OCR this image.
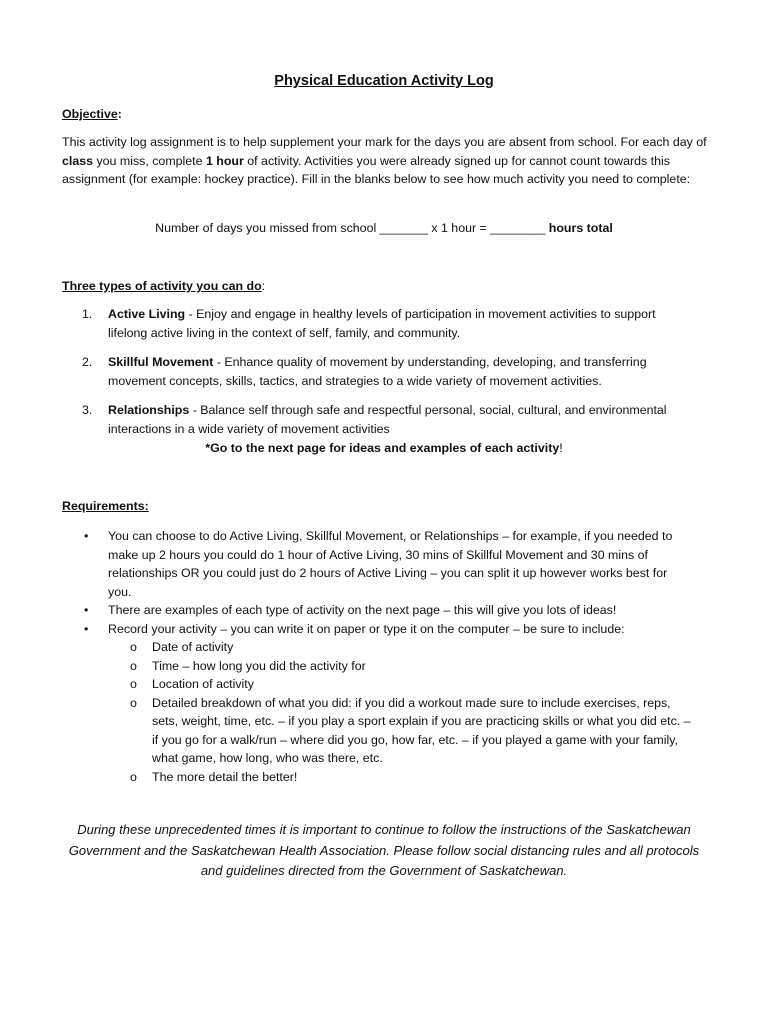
Physical Education Activity Log
Objective:

This activity log assignment is to help supplement your mark for the days you are absent from school. For each day of class you miss, complete 1 hour of activity. Activities you were already signed up for cannot count towards this assignment (for example: hockey practice). Fill in the blanks below to see how much activity you need to complete:

Number of days you missed from school _______ x 1 hour = ________ hours total
Three types of activity you can do:
1. Active Living - Enjoy and engage in healthy levels of participation in movement activities to support lifelong active living in the context of self, family, and community.
2. Skillful Movement - Enhance quality of movement by understanding, developing, and transferring movement concepts, skills, tactics, and strategies to a wide variety of movement activities.
3. Relationships - Balance self through safe and respectful personal, social, cultural, and environmental interactions in a wide variety of movement activities
*Go to the next page for ideas and examples of each activity!
Requirements:
• You can choose to do Active Living, Skillful Movement, or Relationships – for example, if you needed to make up 2 hours you could do 1 hour of Active Living, 30 mins of Skillful Movement and 30 mins of relationships OR you could just do 2 hours of Active Living – you can split it up however works best for you.
• There are examples of each type of activity on the next page – this will give you lots of ideas!
• Record your activity – you can write it on paper or type it on the computer – be sure to include:
o Date of activity
o Time – how long you did the activity for
o Location of activity
o Detailed breakdown of what you did: if you did a workout made sure to include exercises, reps, sets, weight, time, etc. – if you play a sport explain if you are practicing skills or what you did etc. – if you go for a walk/run – where did you go, how far, etc. – if you played a game with your family, what game, how long, who was there, etc.
o The more detail the better!

During these unprecedented times it is important to continue to follow the instructions of the Saskatchewan Government and the Saskatchewan Health Association. Please follow social distancing rules and all protocols and guidelines directed from the Government of Saskatchewan.
